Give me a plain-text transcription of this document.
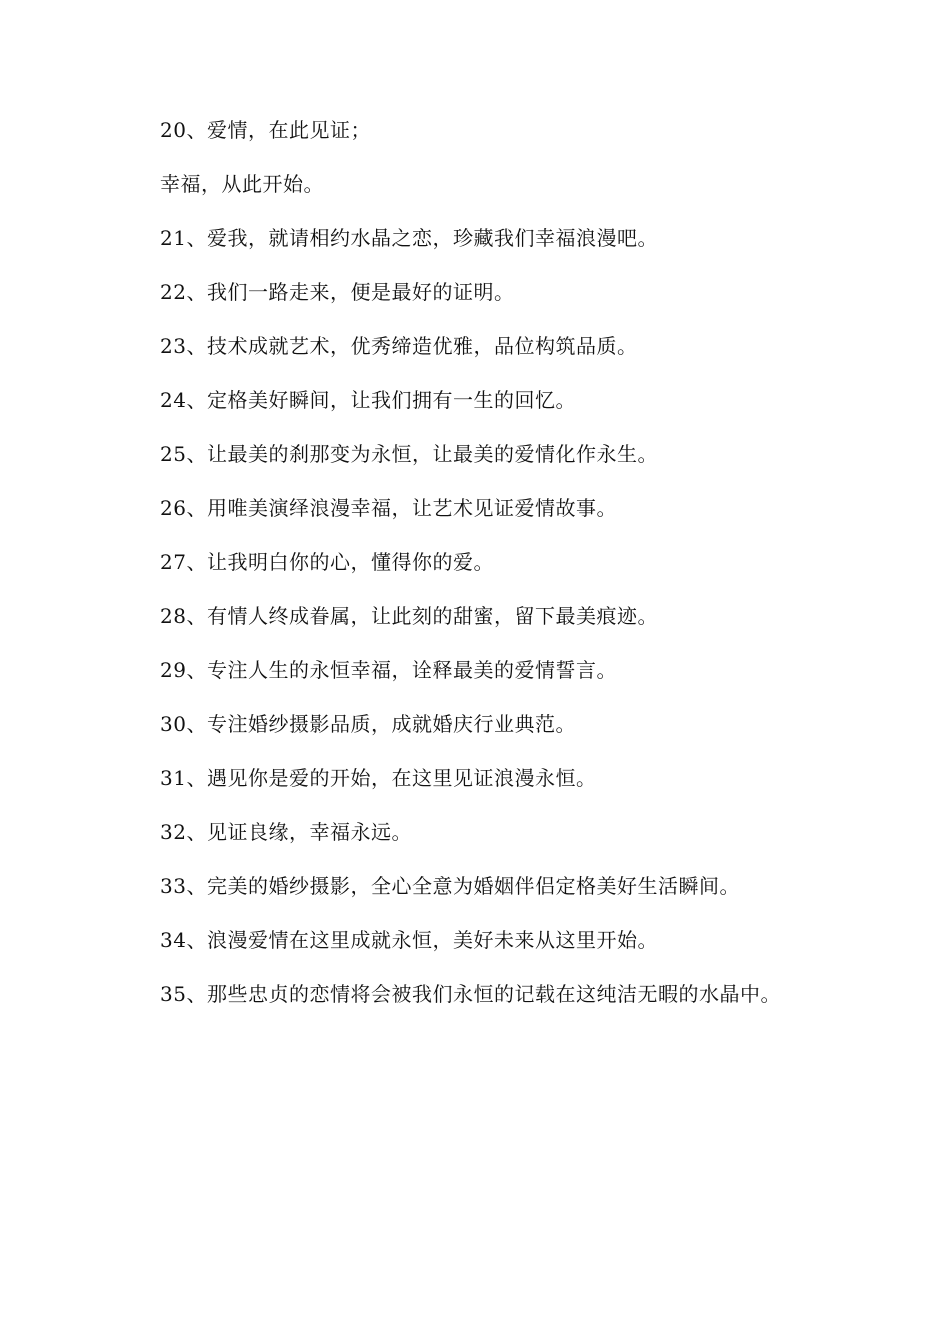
20、爱情，在此见证；
幸福，从此开始。
21、爱我，就请相约水晶之恋，珍藏我们幸福浪漫吧。
22、我们一路走来，便是最好的证明。
23、技术成就艺术，优秀缔造优雅，品位构筑品质。
24、定格美好瞬间，让我们拥有一生的回忆。
25、让最美的刹那变为永恒，让最美的爱情化作永生。
26、用唯美演绎浪漫幸福，让艺术见证爱情故事。
27、让我明白你的心，懂得你的爱。
28、有情人终成眷属，让此刻的甜蜜，留下最美痕迹。
29、专注人生的永恒幸福，诠释最美的爱情誓言。
30、专注婚纱摄影品质，成就婚庆行业典范。
31、遇见你是爱的开始，在这里见证浪漫永恒。
32、见证良缘，幸福永远。
33、完美的婚纱摄影，全心全意为婚姻伴侣定格美好生活瞬间。
34、浪漫爱情在这里成就永恒，美好未来从这里开始。
35、那些忠贞的恋情将会被我们永恒的记载在这纯洁无暇的水晶中。
